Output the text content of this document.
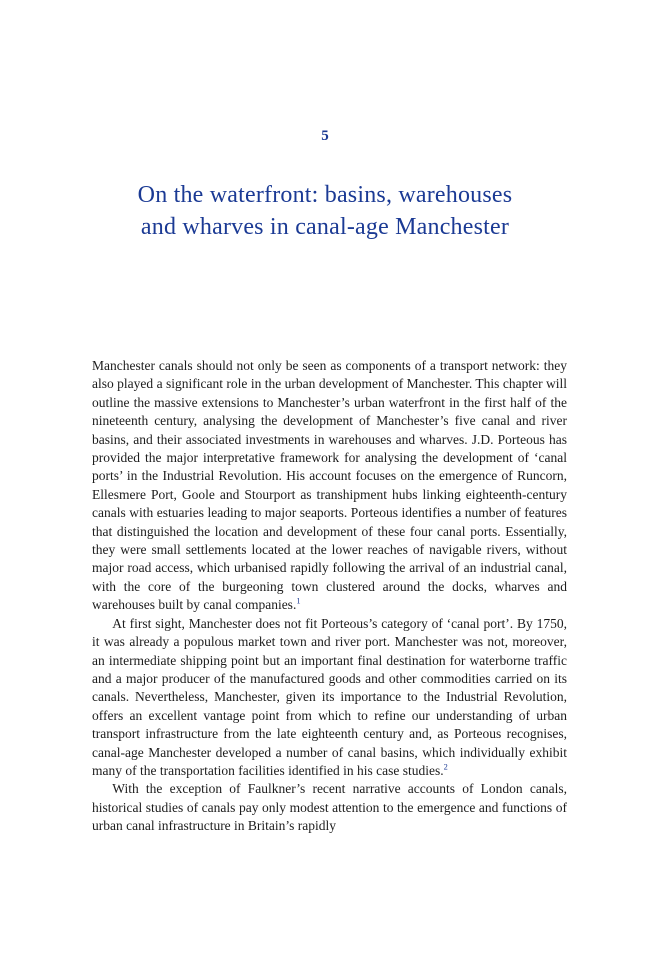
5
On the waterfront: basins, warehouses
and wharves in canal-age Manchester

Manchester canals should not only be seen as components of a transport network: they also played a significant role in the urban development of Manchester. This chapter will outline the massive extensions to Manchester’s urban waterfront in the first half of the nineteenth century, analysing the development of Manchester’s five canal and river basins, and their associated investments in warehouses and wharves. J.D. Porteous has provided the major interpretative framework for analysing the development of ‘canal ports’ in the Industrial Revolution. His account focuses on the emergence of Runcorn, Ellesmere Port, Goole and Stourport as transhipment hubs linking eighteenth-century canals with estuaries leading to major seaports. Porteous identifies a number of features that distinguished the location and development of these four canal ports. Essentially, they were small settlements located at the lower reaches of navigable rivers, without major road access, which urbanised rapidly following the arrival of an industrial canal, with the core of the burgeoning town clustered around the docks, wharves and warehouses built by canal companies.$^1$

At first sight, Manchester does not fit Porteous’s category of ‘canal port’. By 1750, it was already a populous market town and river port. Manchester was not, moreover, an intermediate shipping point but an important final destination for waterborne traffic and a major producer of the manufactured goods and other commodities carried on its canals. Nevertheless, Manchester, given its importance to the Industrial Revolution, offers an excellent vantage point from which to refine our understanding of urban transport infrastructure from the late eighteenth century and, as Porteous recognises, canal-age Manchester developed a number of canal basins, which individually exhibit many of the transportation facilities identified in his case studies.$^2$

With the exception of Faulkner’s recent narrative accounts of London canals, historical studies of canals pay only modest attention to the emergence and functions of urban canal infrastructure in Britain’s rapidly
